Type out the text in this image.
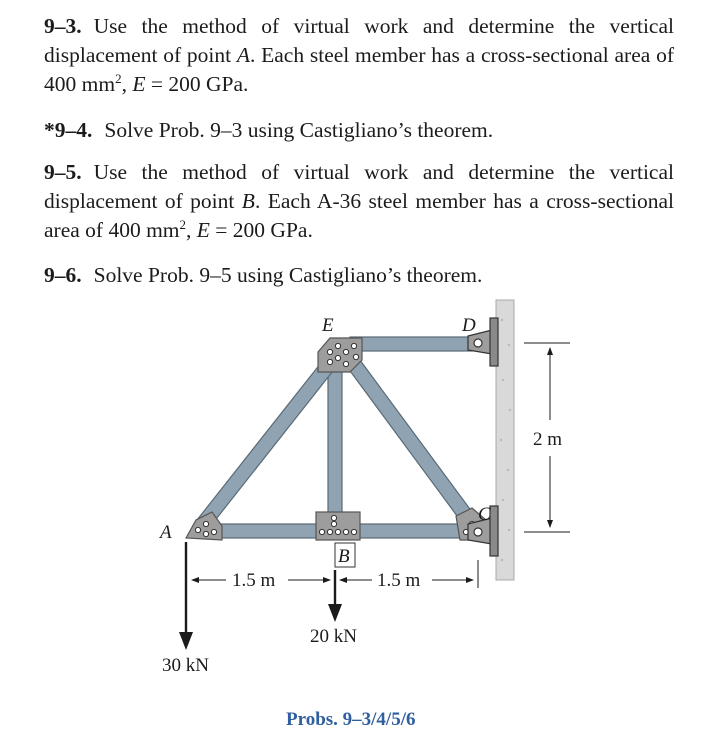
9–3. Use the method of virtual work and determine the vertical displacement of point A. Each steel member has a cross-sectional area of 400 $mm^2$, E = 200 GPa.

*9–4. Solve Prob. 9–3 using Castigliano’s theorem.

9–5. Use the method of virtual work and determine the vertical displacement of point B. Each A-36 steel member has a cross-sectional area of 400 $mm^2$, E = 200 GPa.

9–6. Solve Prob. 9–5 using Castigliano’s theorem.

E	D
A
C
B
1.5 m	1.5 m
2 m
30 kN
20 kN
Probs. 9–3/4/5/6
